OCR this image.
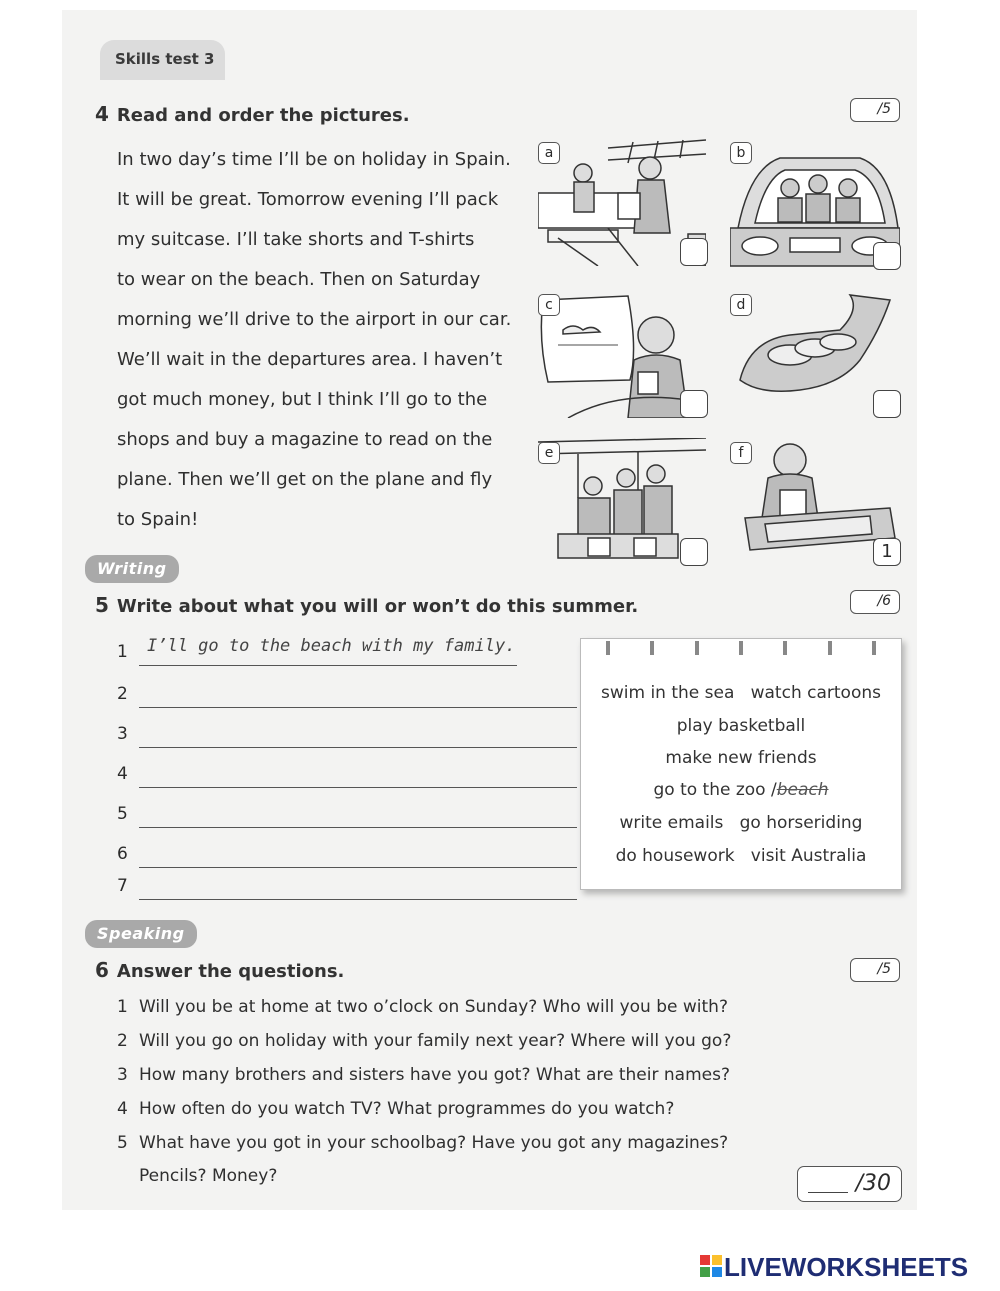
Skills test 3
4 Read and order the pictures.	/5
In two day’s time I’ll be on holiday in Spain.
It will be great. Tomorrow evening I’ll pack
my suitcase. I’ll take shorts and T-shirts
to wear on the beach. Then on Saturday
morning we’ll drive to the airport in our car.
We’ll wait in the departures area. I haven’t
got much money, but I think I’ll go to the
shops and buy a magazine to read on the
plane. Then we’ll get on the plane and fly
to Spain!
a	b
c	d
e	f
1
Writing
5 Write about what you will or won’t do this summer.	/6
1 I’ll go to the beach with my family.
2
3
4
5
6
7
swim in the sea watch cartoons
play basketball
make new friends
go to the zoo /beach
write emails go horseriding
do housework visit Australia
Speaking
6 Answer the questions.	/5
1 Will you be at home at two o’clock on Sunday? Who will you be with?
2 Will you go on holiday with your family next year? Where will you go?
3 How many brothers and sisters have you got? What are their names?
4 How often do you watch TV? What programmes do you watch?
5 What have you got in your schoolbag? Have you got any magazines?
Pencils? Money?	/30
LIVEWORKSHEETS
